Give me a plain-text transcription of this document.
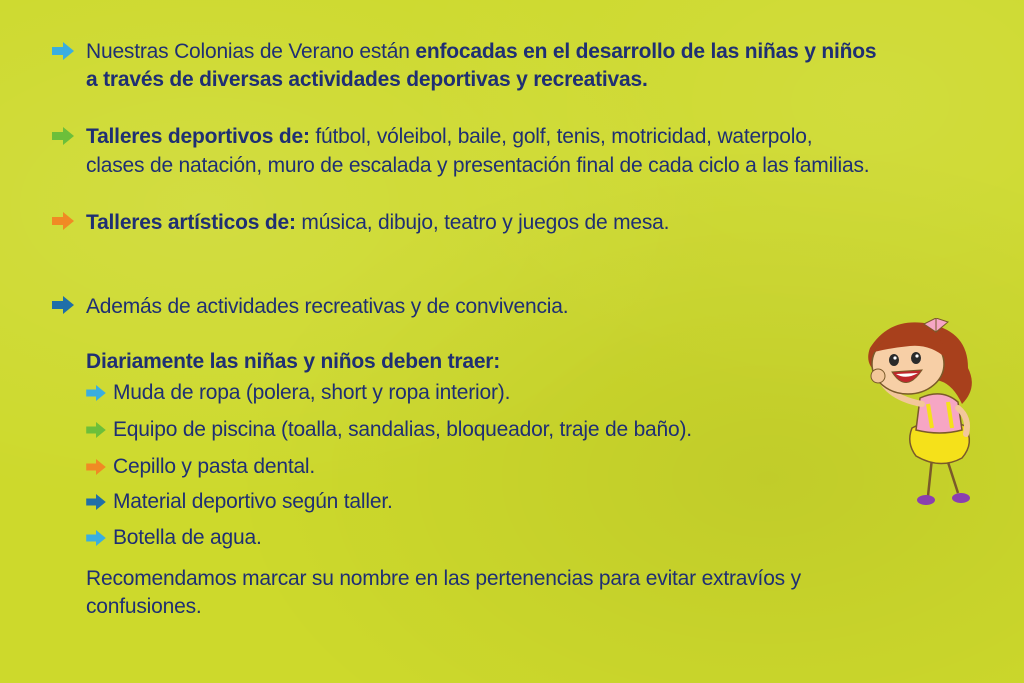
Nuestras Colonias de Verano están enfocadas en el desarrollo de las niñas y niños
a través de diversas actividades deportivas y recreativas.
Talleres deportivos de: fútbol, vóleibol, baile, golf, tenis, motricidad, waterpolo,
clases de natación, muro de escalada y presentación final de cada ciclo a las familias.
Talleres artísticos de: música, dibujo, teatro y juegos de mesa.
Además de actividades recreativas y de convivencia.
Diariamente las niñas y niños deben traer:
Muda de ropa (polera, short y ropa interior).
Equipo de piscina (toalla, sandalias, bloqueador, traje de baño).
Cepillo y pasta dental.
Material deportivo según taller.
Botella de agua.
Recomendamos marcar su nombre en las pertenencias para evitar extravíos y
confusiones.
